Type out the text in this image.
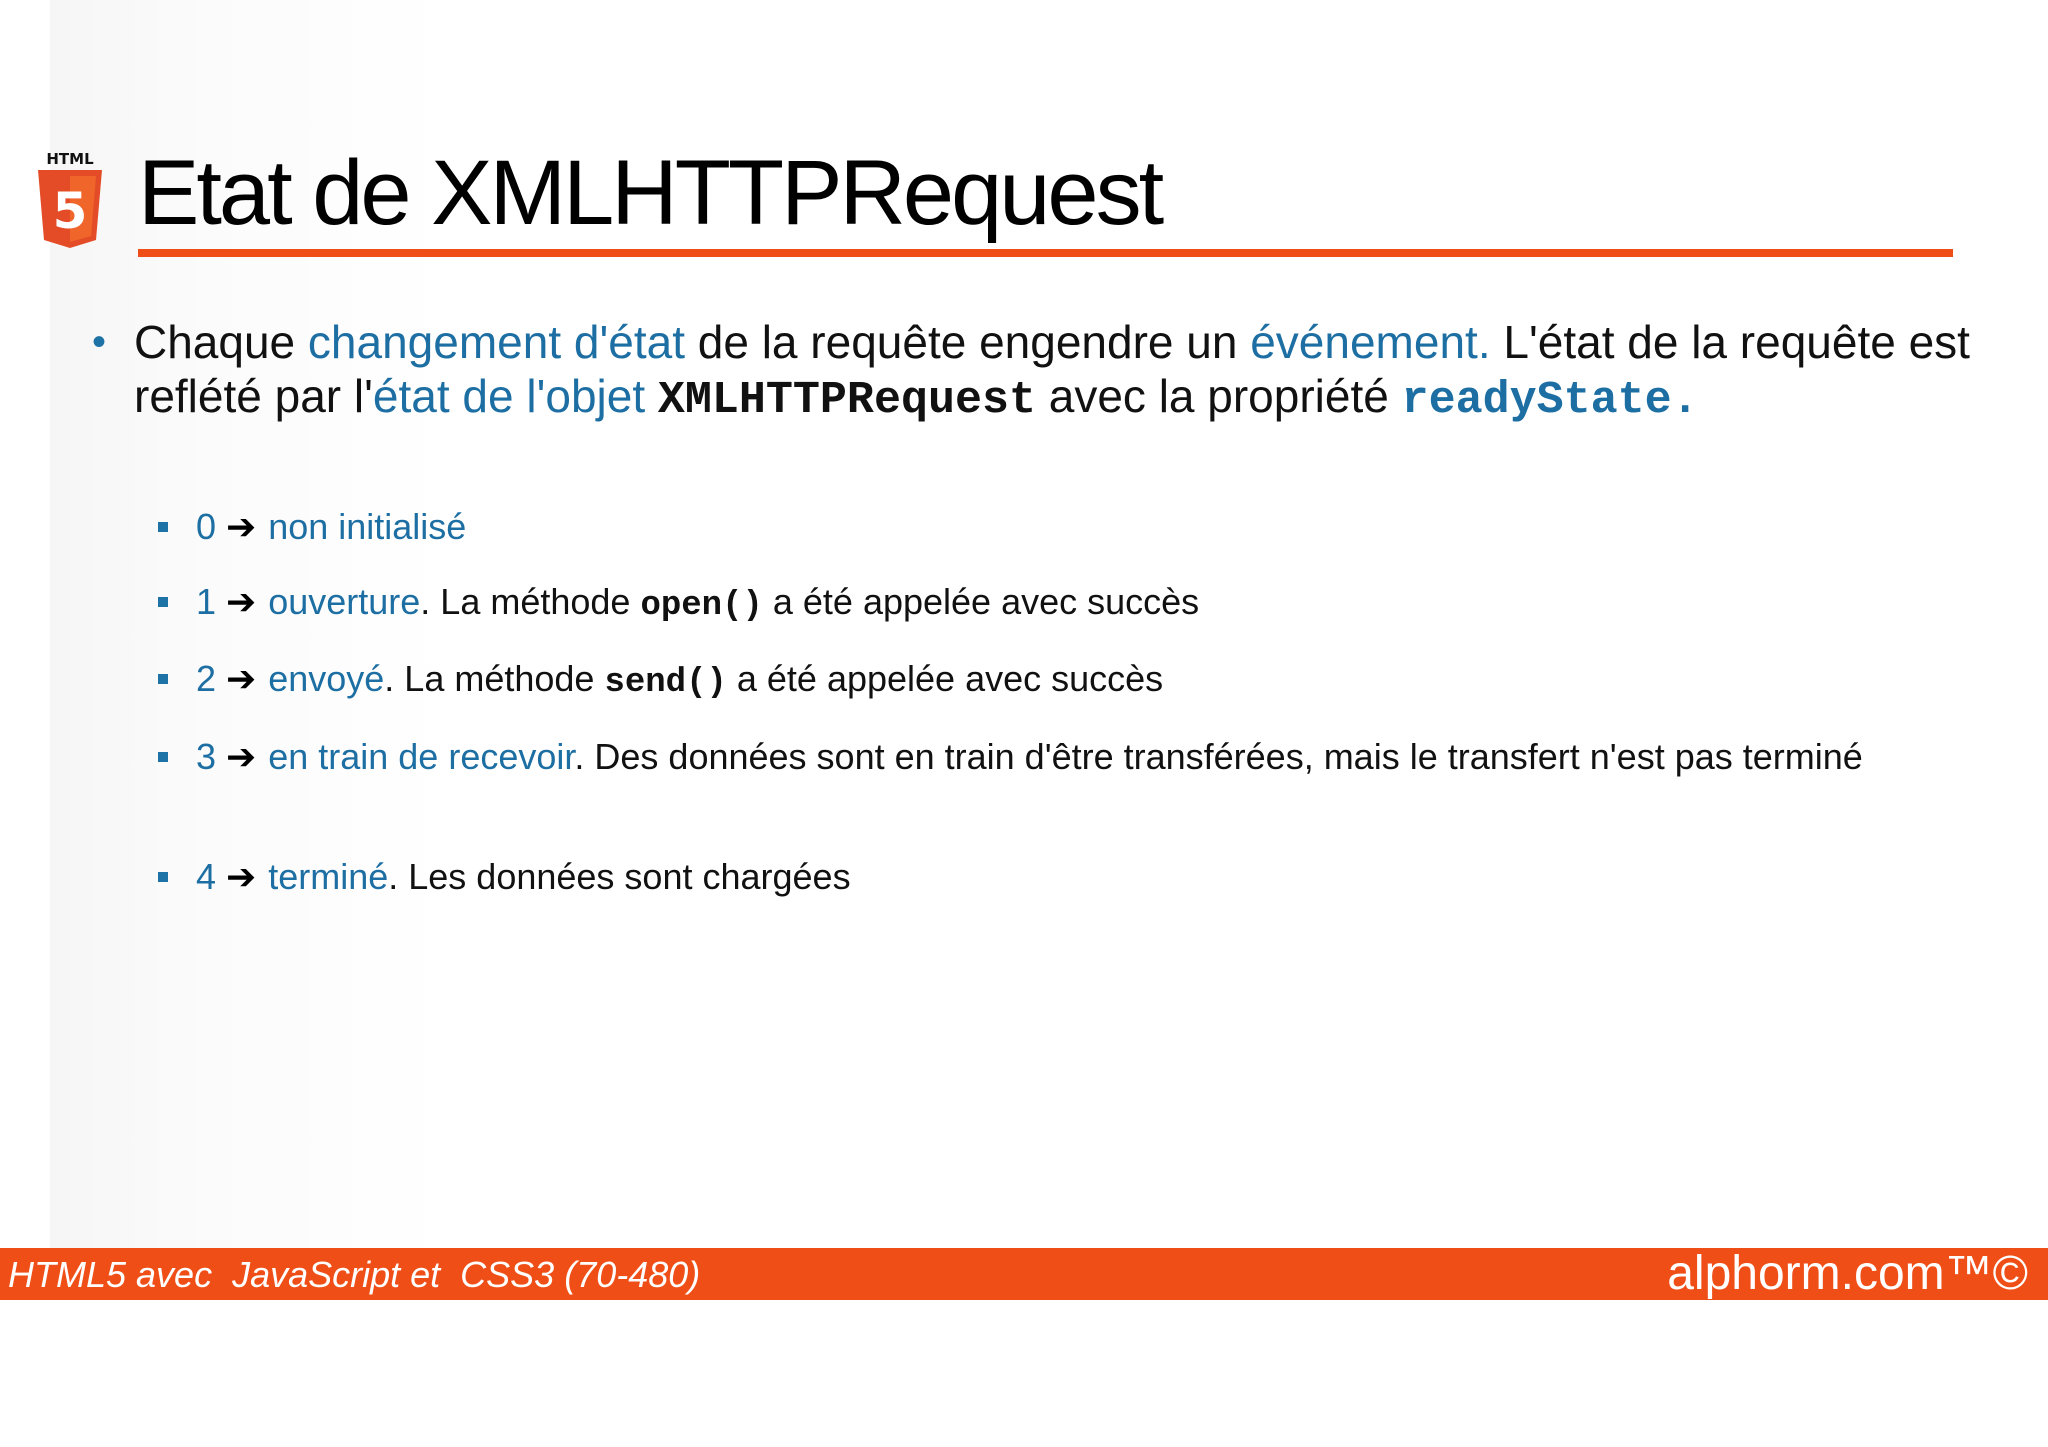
HTML
5 Etat de XMLHTTPRequest
• Chaque changement d'état de la requête engendre un événement. L'état de la requête est reflété par l'état de l'objet XMLHTTPRequest avec la propriété readyState.
0 ➔ non initialisé
1 ➔ ouverture. La méthode open() a été appelée avec succès
2 ➔ envoyé. La méthode send() a été appelée avec succès
3 ➔ en train de recevoir. Des données sont en train d'être transférées, mais le transfert n'est pas terminé
4 ➔ terminé. Les données sont chargées
HTML5 avec  JavaScript et  CSS3 (70-480)	alphorm.com™©
